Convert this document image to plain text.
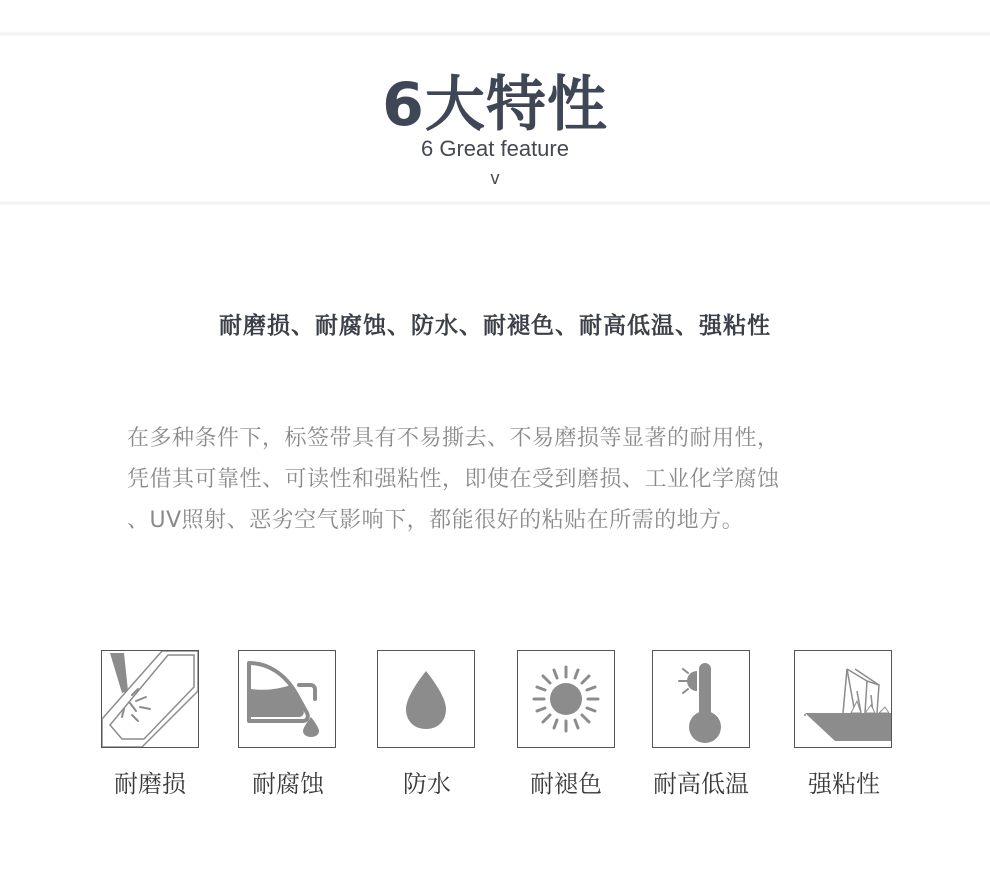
6大特性
6 Great feature
v
耐磨损、耐腐蚀、防水、耐褪色、耐高低温、强粘性

在多种条件下，标签带具有不易撕去、不易磨损等显著的耐用性，

凭借其可靠性、可读性和强粘性，即使在受到磨损、工业化学腐蚀

、UV照射、恶劣空气影响下，都能很好的粘贴在所需的地方。

耐磨损	耐腐蚀	防水	耐褪色	耐高低温	强粘性
